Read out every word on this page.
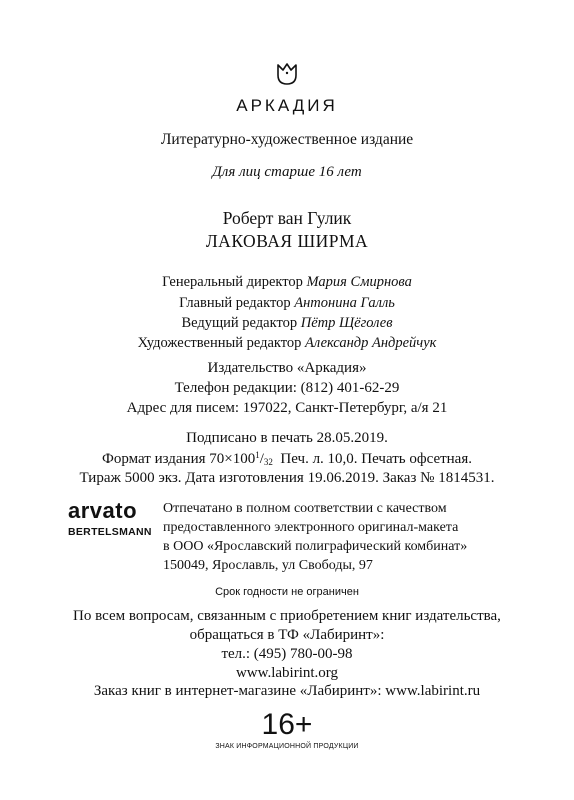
АРКАДИЯ
Литературно-художественное издание
Для лиц старше 16 лет
Роберт ван Гулик
ЛАКОВАЯ ШИРМА
Генеральный директор Мария Смирнова
Главный редактор Антонина Галль
Ведущий редактор Пётр Щёголев
Художественный редактор Александр Андрейчук
Издательство «Аркадия»
Телефон редакции: (812) 401-62-29
Адрес для писем: 197022, Санкт-Петербург, а/я 21
Подписано в печать 28.05.2019.
Формат издания $70\times 100^1/_{32}$  Печ. л. 10,0. Печать офсетная.
Тираж 5000 экз. Дата изготовления 19.06.2019. Заказ № 1814531.
arvato
BERTELSMANN
Отпечатано в полном соответствии с качеством
предоставленного электронного оригинал-макета
в ООО «Ярославский полиграфический комбинат»
150049, Ярославль, ул Свободы, 97
Срок годности не ограничен
По всем вопросам, связанным с приобретением книг издательства,
обращаться в ТФ «Лабиринт»:
тел.: (495) 780-00-98
www.labirint.org
Заказ книг в интернет-магазине «Лабиринт»: www.labirint.ru
16+
ЗНАК ИНФОРМАЦИОННОЙ ПРОДУКЦИИ
